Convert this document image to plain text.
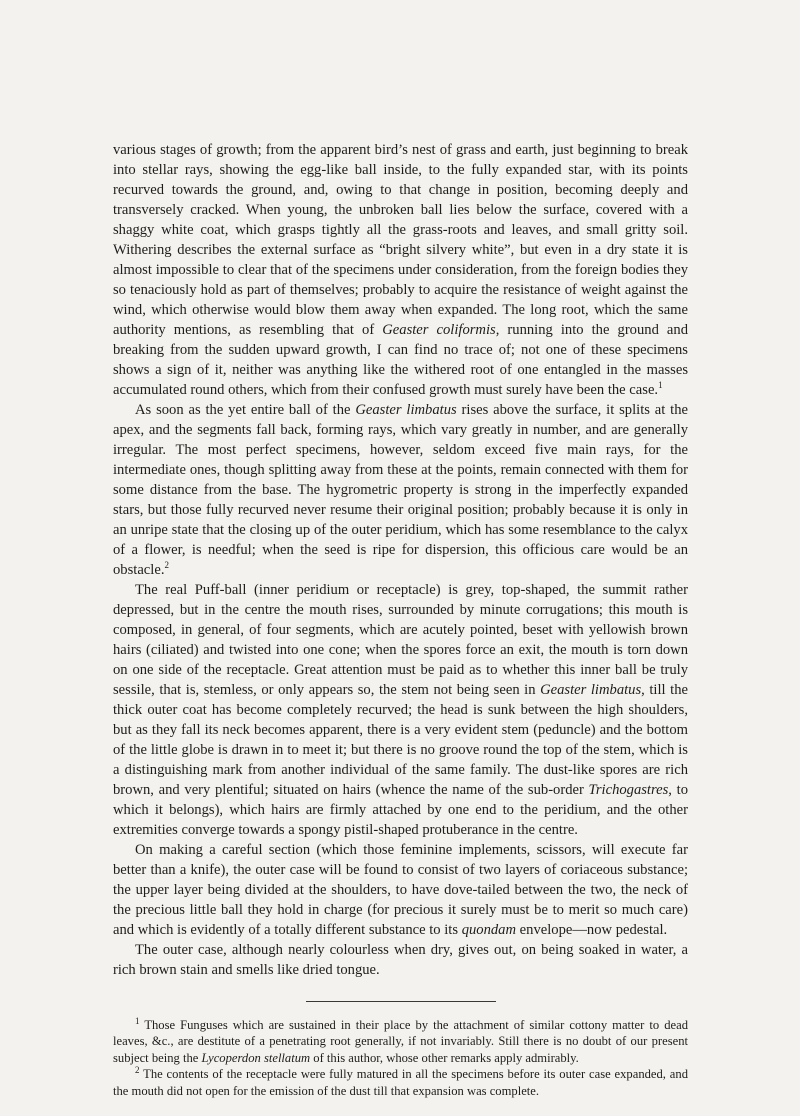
various stages of growth; from the apparent bird’s nest of grass and earth, just beginning to break into stellar rays, showing the egg-like ball inside, to the fully expanded star, with its points recurved towards the ground, and, owing to that change in position, becoming deeply and transversely cracked. When young, the unbroken ball lies below the surface, covered with a shaggy white coat, which grasps tightly all the grass-roots and leaves, and small gritty soil. Withering describes the external surface as “bright silvery white”, but even in a dry state it is almost impossible to clear that of the specimens under consideration, from the foreign bodies they so tenaciously hold as part of themselves; probably to acquire the resistance of weight against the wind, which otherwise would blow them away when expanded. The long root, which the same authority mentions, as resembling that of Geaster coliformis, running into the ground and breaking from the sudden upward growth, I can find no trace of; not one of these specimens shows a sign of it, neither was anything like the withered root of one entangled in the masses accumulated round others, which from their confused growth must surely have been the case.$^1$

As soon as the yet entire ball of the Geaster limbatus rises above the surface, it splits at the apex, and the segments fall back, forming rays, which vary greatly in number, and are generally irregular. The most perfect specimens, however, seldom exceed five main rays, for the intermediate ones, though splitting away from these at the points, remain connected with them for some distance from the base. The hygrometric property is strong in the imperfectly expanded stars, but those fully recurved never resume their original position; probably because it is only in an unripe state that the closing up of the outer peridium, which has some resemblance to the calyx of a flower, is needful; when the seed is ripe for dispersion, this officious care would be an obstacle.$^2$

The real Puff-ball (inner peridium or receptacle) is grey, top-shaped, the summit rather depressed, but in the centre the mouth rises, surrounded by minute corrugations; this mouth is composed, in general, of four segments, which are acutely pointed, beset with yellowish brown hairs (ciliated) and twisted into one cone; when the spores force an exit, the mouth is torn down on one side of the receptacle. Great attention must be paid as to whether this inner ball be truly sessile, that is, stemless, or only appears so, the stem not being seen in Geaster limbatus, till the thick outer coat has become completely recurved; the head is sunk between the high shoulders, but as they fall its neck becomes apparent, there is a very evident stem (peduncle) and the bottom of the little globe is drawn in to meet it; but there is no groove round the top of the stem, which is a distinguishing mark from another individual of the same family. The dust-like spores are rich brown, and very plentiful; situated on hairs (whence the name of the sub-order Trichogastres, to which it belongs), which hairs are firmly attached by one end to the peridium, and the other extremities converge towards a spongy pistil-shaped protuberance in the centre.

On making a careful section (which those feminine implements, scissors, will execute far better than a knife), the outer case will be found to consist of two layers of coriaceous substance; the upper layer being divided at the shoulders, to have dove-tailed between the two, the neck of the precious little ball they hold in charge (for precious it surely must be to merit so much care) and which is evidently of a totally different substance to its quondam envelope—now pedestal.

The outer case, although nearly colourless when dry, gives out, on being soaked in water, a rich brown stain and smells like dried tongue.

$^1$ Those Funguses which are sustained in their place by the attachment of similar cottony matter to dead leaves, &c., are destitute of a penetrating root generally, if not invariably. Still there is no doubt of our present subject being the Lycoperdon stellatum of this author, whose other remarks apply admirably.

$^2$ The contents of the receptacle were fully matured in all the specimens before its outer case expanded, and the mouth did not open for the emission of the dust till that expansion was complete.
